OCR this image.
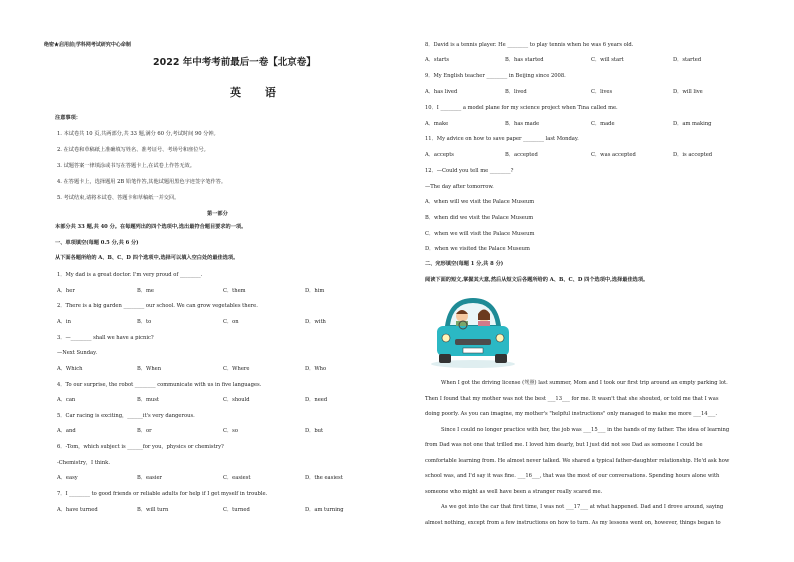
绝密★启用前|学科网考试研究中心命制
2022 年中考考前最后一卷【北京卷】
英 语
注意事项：
1. 本试卷共 10 页,共两部分,共 33 题,满分 60 分,考试时间 90 分钟。
2. 在试卷和草稿纸上准确填写姓名、准考证号、考场号和座位号。
3. 试题答案一律填涂或书写在答题卡上,在试卷上作答无效。
4. 在答题卡上，选择题用 2B 铅笔作答,其他试题用黑色字迹签字笔作答。
5. 考试结束,请将本试卷、答题卡和草稿纸一并交回。
第一部分
本部分共 33 题,共 40 分。在每题列出的四个选项中,选出最符合题目要求的一项。
一、单项填空(每题 0.5 分,共 6 分)
从下面各题所给的 A、B、C、D 四个选项中,选择可以填入空白处的最佳选项。
1．My dad is a great doctor. I'm very proud of ________.
A．her	B．me	C．them	D．him
2．There is a big garden ________ our school. We can grow vegetables there.
A．in	B．to	C．on	D．with
3．—________ shall we have a picnic?
—Next Sunday.
A．Which	B．When	C．Where	D．Who
4．To our surprise, the robot ________ communicate with us in five languages.
A．can	B．must	C．should	D．need
5．Car racing is exciting，______it's very dangerous.
A．and	B．or	C．so	D．but
6．-Tom，which subject is ______for you，physics or chemistry?
-Chemistry，I think.
A．easy	B．easier	C．easiest	D．the easiest
7．I ________ to good friends or reliable adults for help if I get myself in trouble.
A．have turned	B．will turn	C．turned	D．am turning
8．David is a tennis player. He ________ to play tennis when he was 6 years old.
A．starts	B．has started	C．will start	D．started
9．My English teacher ________ in Beijing since 2008.
A．has lived	B．lived	C．lives	D．will live
10．I ________ a model plane for my science project when Tina called me.
A．make	B．has made	C．made	D．am making
11．My advice on how to save paper ________ last Monday.
A．accepts	B．accepted	C．was accepted	D．is accepted
12．—Could you tell me ________?
—The day after tomorrow.
A．when will we visit the Palace Museum
B．when did we visit the Palace Museum
C．when we will visit the Palace Museum
D．when we visited the Palace Museum
二、完形填空(每题 1 分,共 8 分)
阅读下面的短文,掌握其大意,然后从短文后各题所给的 A、B、C、D 四个选项中,选择最佳选项。
When I got the driving license (驾照) last summer, Mom and I took our first trip around an empty parking lot.
Then I found that my mother was not the best ___13___ for me. It wasn't that she shouted, or told me that I was
doing poorly. As you can imagine, my mother's "helpful instructions" only managed to make me more ___14___.
Since I could no longer practice with her, the job was ___15___ in the hands of my father. The idea of learning
from Dad was not one that trilled me. I loved him dearly, but I just did not see Dad as someone I could be
comfortable learning from. He almost never talked. We shared a typical father-daughter relationship. He'd ask how
school was, and I'd say it was fine. ___16___, that was the most of our conversations. Spending hours alone with
someone who might as well have been a stranger really scared me.
As we got into the car that first time, I was not ___17___ at what happened. Dad and I drove around, saying
almost nothing, except from a few instructions on how to turn. As my lessons went on, however, things began to
